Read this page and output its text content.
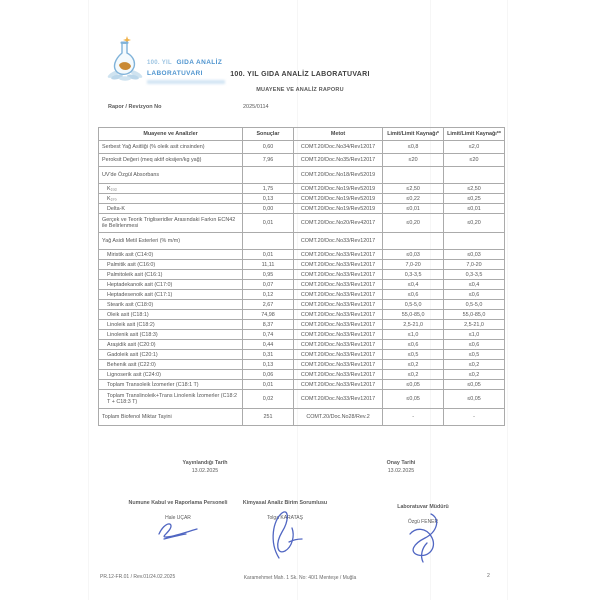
100. YIL GIDA ANALİZ
LABORATUVARI	100. YIL GIDA ANALİZ LABORATUVARI
MUAYENE VE ANALİZ RAPORU
Rapor / Revizyon No	2025/0114
Muayene ve Analizler	Sonuçlar	Metot	Limit/Limit Kaynağı*	Limit/Limit Kaynağı**
Serbest Yağ Asitliği (% oleik asit cinsinden)	0,60	COMT.20/Doc.No34/Rev12017	≤0,8	≤2,0
Peroksit Değeri (meq aktif oksijen/kg yağ)	7,96	COMT.20/Doc.No35/Rev12017	≤20	≤20
UV'de Özgül Absorbans		COMT.20/Doc.No18/Rev52019		
K₂₃₂	1,75	COMT.20/Doc.No19/Rev52019	≤2,50	≤2,50
K₂₇₀	0,13	COMT.20/Doc.No19/Rev52019	≤0,22	≤0,25
Delta-K	0,00	COMT.20/Doc.No19/Rev52019	≤0,01	≤0,01
Gerçek ve Teorik Trigliseridler Arasındaki Farkın ECN42 ile Belirlenmesi	0,01	COMT.20/Doc.No20/Rev42017	≤0,20	≤0,20
Yağ Asidi Metil Esterleri (% m/m)		COMT.20/Doc.No33/Rev12017		
Miristik asit (C14:0)	0,01	COMT.20/Doc.No33/Rev12017	≤0,03	≤0,03
Palmitik asit (C16:0)	11,11	COMT.20/Doc.No33/Rev12017	7,0-20	7,0-20
Palmitoleik asit (C16:1)	0,95	COMT.20/Doc.No33/Rev12017	0,3-3,5	0,3-3,5
Heptadekanoik asit (C17:0)	0,07	COMT.20/Doc.No33/Rev12017	≤0,4	≤0,4
Heptadesenoik asit (C17:1)	0,12	COMT.20/Doc.No33/Rev12017	≤0,6	≤0,6
Stearik asit (C18:0)	2,67	COMT.20/Doc.No33/Rev12017	0,5-5,0	0,5-5,0
Oleik asit (C18:1)	74,98	COMT.20/Doc.No33/Rev12017	55,0-85,0	55,0-85,0
Linoleik asit (C18:2)	8,37	COMT.20/Doc.No33/Rev12017	2,5-21,0	2,5-21,0
Linolenik asit (C18:3)	0,74	COMT.20/Doc.No33/Rev12017	≤1,0	≤1,0
Araşidik asit (C20:0)	0,44	COMT.20/Doc.No33/Rev12017	≤0,6	≤0,6
Gadoleik asit (C20:1)	0,31	COMT.20/Doc.No33/Rev12017	≤0,5	≤0,5
Behenik asit (C22:0)	0,13	COMT.20/Doc.No33/Rev12017	≤0,2	≤0,2
Lignoserik asit (C24:0)	0,06	COMT.20/Doc.No33/Rev12017	≤0,2	≤0,2
Toplam Transoleik İzomerler (C18:1 T)	0,01	COMT.20/Doc.No33/Rev12017	≤0,05	≤0,05
Toplam Translinoleik+Trans Linolenik İzomerler (C18:2 T + C18:3 T)	0,02	COMT.20/Doc.No33/Rev12017	≤0,05	≤0,05
Toplam Biofenol Miktar Tayini	251	COMT.20/Doc.No28/Rev.2	-	-
Yayınlandığı Tarih
13.02.2025
Onay Tarihi
13.02.2025
Numune Kabul ve Raporlama Personeli
Hale UÇAR
Kimyasal Analiz Birim Sorumlusu
Tolga KARATAŞ
Laboratuvar Müdürü
Özgü FENER
PR.12-FR.01 / Rev.01/24.02.2025	Karamehmet Mah. 1 Sk. No: 40/1 Menteşe / Muğla	2
